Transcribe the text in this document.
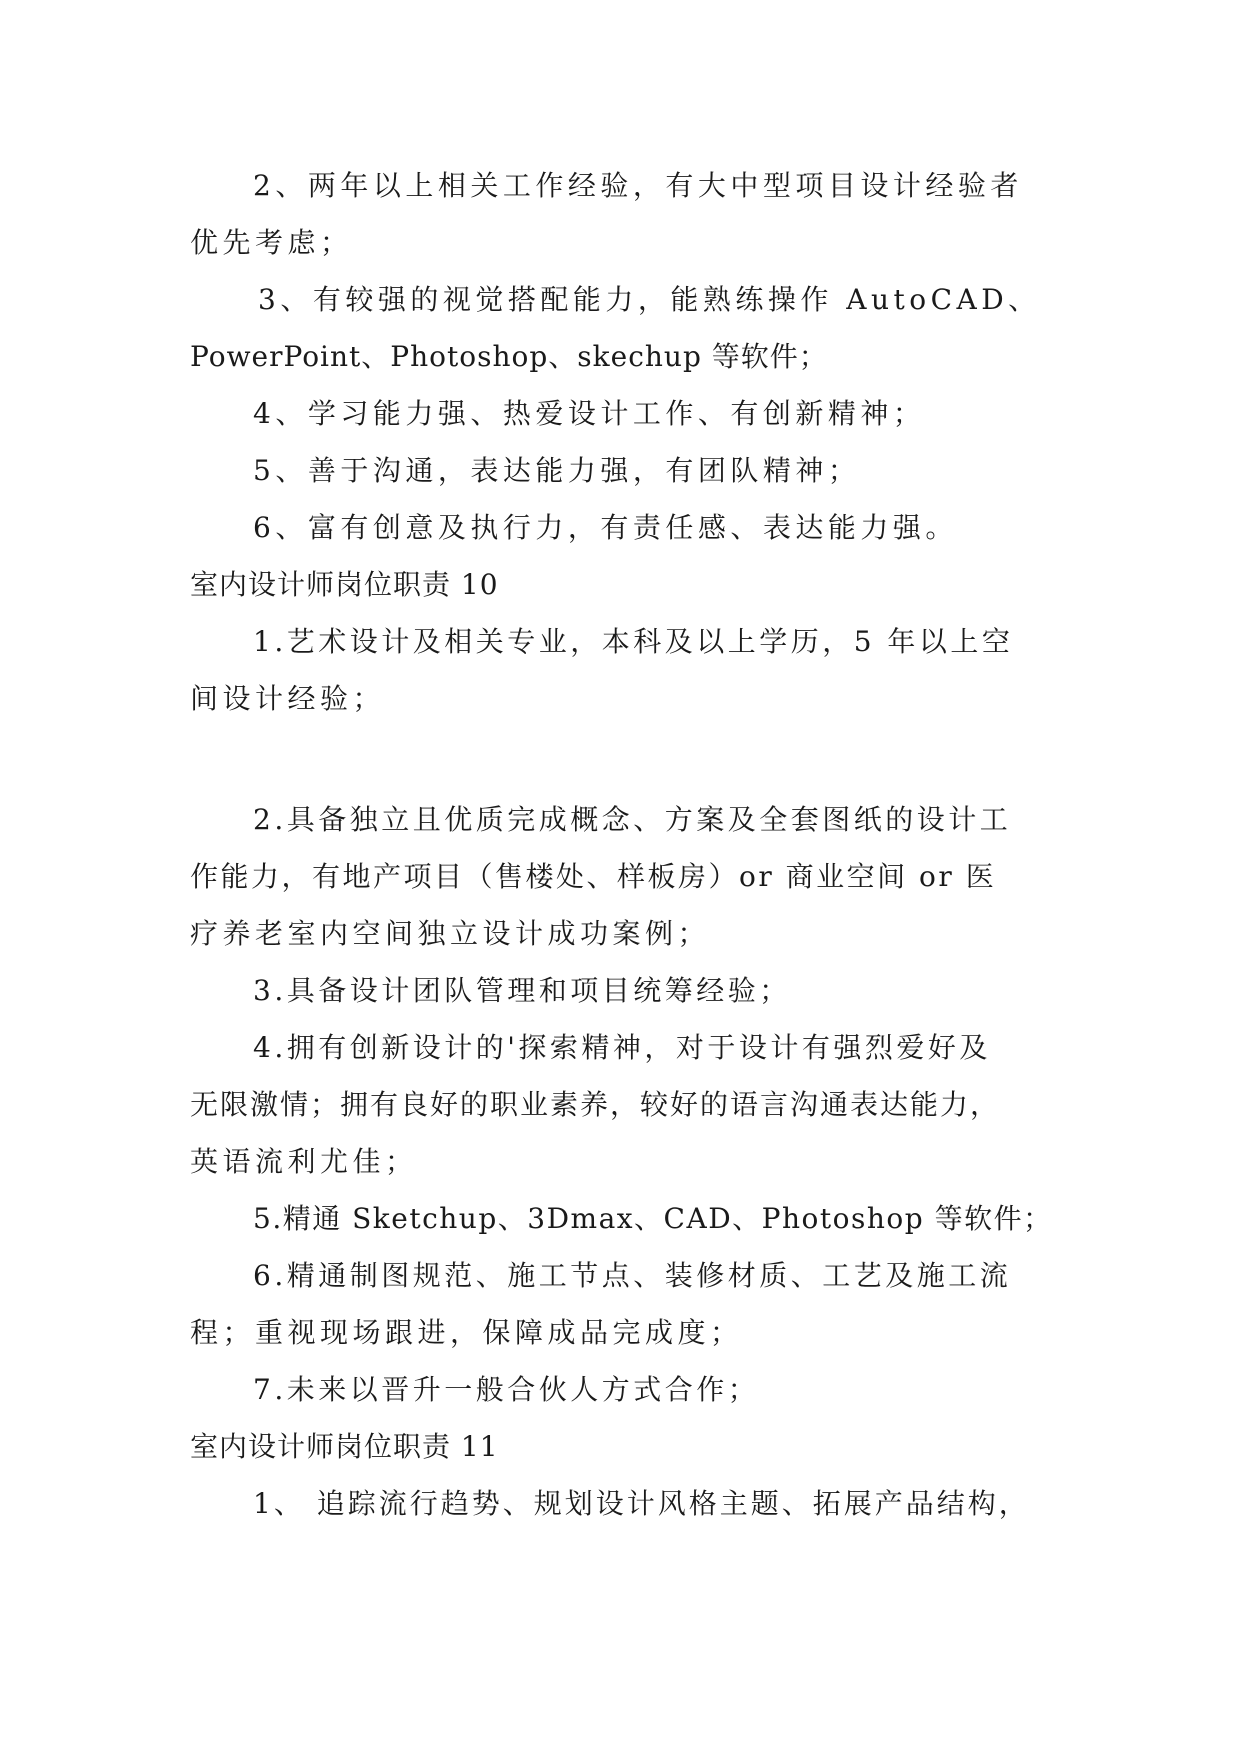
2、两年以上相关工作经验，有大中型项目设计经验者
优先考虑；
3、有较强的视觉搭配能力，能熟练操作 AutoCAD、
PowerPoint、Photoshop、skechup 等软件；
4、学习能力强、热爱设计工作、有创新精神；
5、善于沟通，表达能力强，有团队精神；
6、富有创意及执行力，有责任感、表达能力强。
室内设计师岗位职责 10
1.艺术设计及相关专业，本科及以上学历，5 年以上空
间设计经验；
2.具备独立且优质完成概念、方案及全套图纸的设计工
作能力，有地产项目（售楼处、样板房）or 商业空间 or 医
疗养老室内空间独立设计成功案例；
3.具备设计团队管理和项目统筹经验；
4.拥有创新设计的'探索精神，对于设计有强烈爱好及
无限激情；拥有良好的职业素养，较好的语言沟通表达能力，
英语流利尤佳；
5.精通 Sketchup、3Dmax、CAD、Photoshop 等软件；
6.精通制图规范、施工节点、装修材质、工艺及施工流
程；重视现场跟进，保障成品完成度；
7.未来以晋升一般合伙人方式合作；
室内设计师岗位职责 11
1、 追踪流行趋势、规划设计风格主题、拓展产品结构，
